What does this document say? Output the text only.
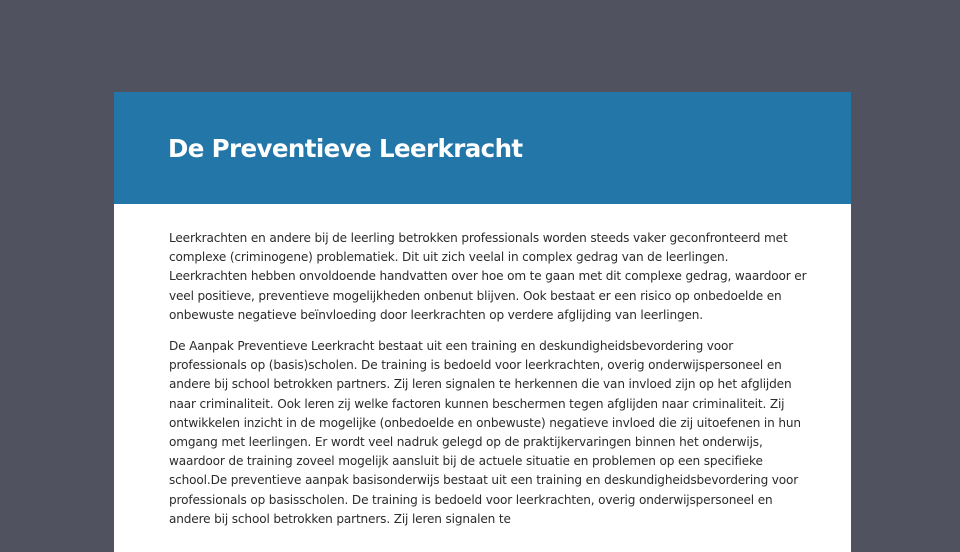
De Preventieve Leerkracht

Leerkrachten en andere bij de leerling betrokken professionals worden steeds vaker geconfronteerd met complexe (criminogene) problematiek. Dit uit zich veelal in complex gedrag van de leerlingen. Leerkrachten hebben onvoldoende handvatten over hoe om te gaan met dit complexe gedrag, waardoor er veel positieve, preventieve mogelijkheden onbenut blijven. Ook bestaat er een risico op onbedoelde en onbewuste negatieve beïnvloeding door leerkrachten op verdere afglijding van leerlingen.

De Aanpak Preventieve Leerkracht bestaat uit een training en deskundigheidsbevordering voor professionals op (basis)scholen. De training is bedoeld voor leerkrachten, overig onderwijspersoneel en andere bij school betrokken partners. Zij leren signalen te herkennen die van invloed zijn op het afglijden naar criminaliteit. Ook leren zij welke factoren kunnen beschermen tegen afglijden naar criminaliteit. Zij ontwikkelen inzicht in de mogelijke (onbedoelde en onbewuste) negatieve invloed die zij uitoefenen in hun omgang met leerlingen. Er wordt veel nadruk gelegd op de praktijkervaringen binnen het onderwijs, waardoor de training zoveel mogelijk aansluit bij de actuele situatie en problemen op een specifieke school.De preventieve aanpak basisonderwijs bestaat uit een training en deskundigheidsbevordering voor professionals op basisscholen. De training is bedoeld voor leerkrachten, overig onderwijspersoneel en andere bij school betrokken partners. Zij leren signalen te
